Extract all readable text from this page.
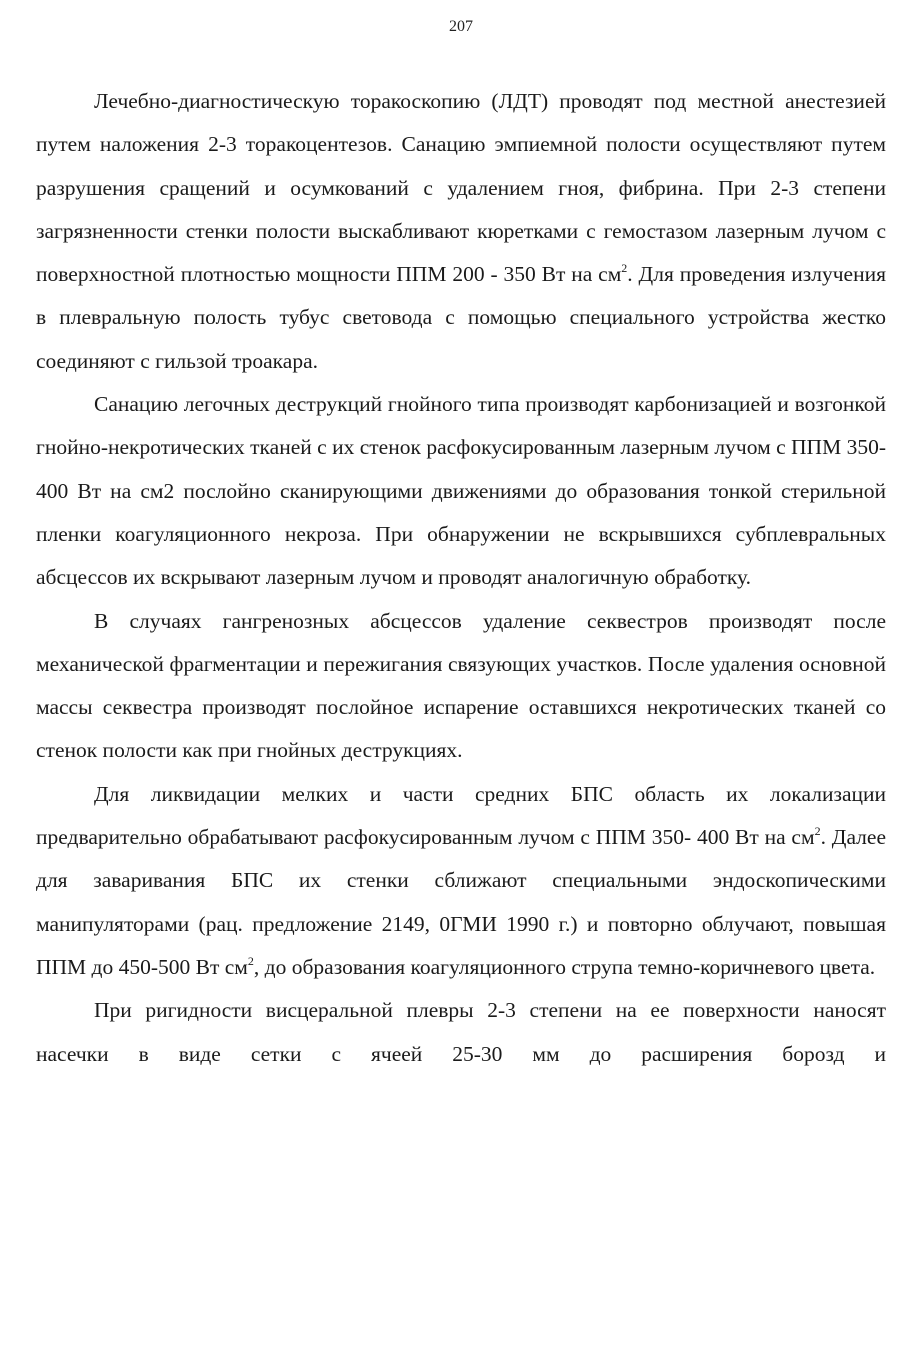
207

Лечебно-диагностическую торакоскопию (ЛДТ) проводят под местной анестезией путем наложения 2-3 торакоцентезов. Санацию эмпиемной полости осуществляют путем разрушения сращений и осумкований с удалением гноя, фибрина. При 2-3 степени загрязненности стенки полости выскабливают кюретками с гемостазом лазерным лучом с поверхностной плотностью мощности ППМ 200 - 350 Вт на $см^2$. Для проведения излучения в плевральную полость тубус световода с помощью специального устройства жестко соединяют с гильзой троакара.

Санацию легочных деструкций гнойного типа производят карбонизацией и возгонкой гнойно-некротических тканей с их стенок расфокусированным лазерным лучом с ППМ 350-400 Вт на см2 послойно сканирующими движениями до образования тонкой стерильной пленки коагуляционного некроза. При обнаружении не вскрывшихся субплевральных абсцессов их вскрывают лазерным лучом и проводят аналогичную обработку.

В случаях гангренозных абсцессов удаление секвестров производят после механической фрагментации и пережигания связующих участков. После удаления основной массы секвестра производят послойное испарение оставшихся некротических тканей со стенок полости как при гнойных деструкциях.

Для ликвидации мелких и части средних БПС область их локализации предварительно обрабатывают расфокусированным лучом с ППМ 350- 400 Вт на $см^2$. Далее для заваривания БПС их стенки сближают специальными эндоскопическими манипуляторами (рац. предложение 2149, 0ГМИ 1990 г.) и повторно облучают, повышая ППМ до 450-500 Вт $см^2$, до образования коагуляционного струпа темно-коричневого цвета.

При ригидности висцеральной плевры 2-3 степени на ее поверхности наносят насечки в виде сетки с ячеей 25-30 мм до расширения борозд и
